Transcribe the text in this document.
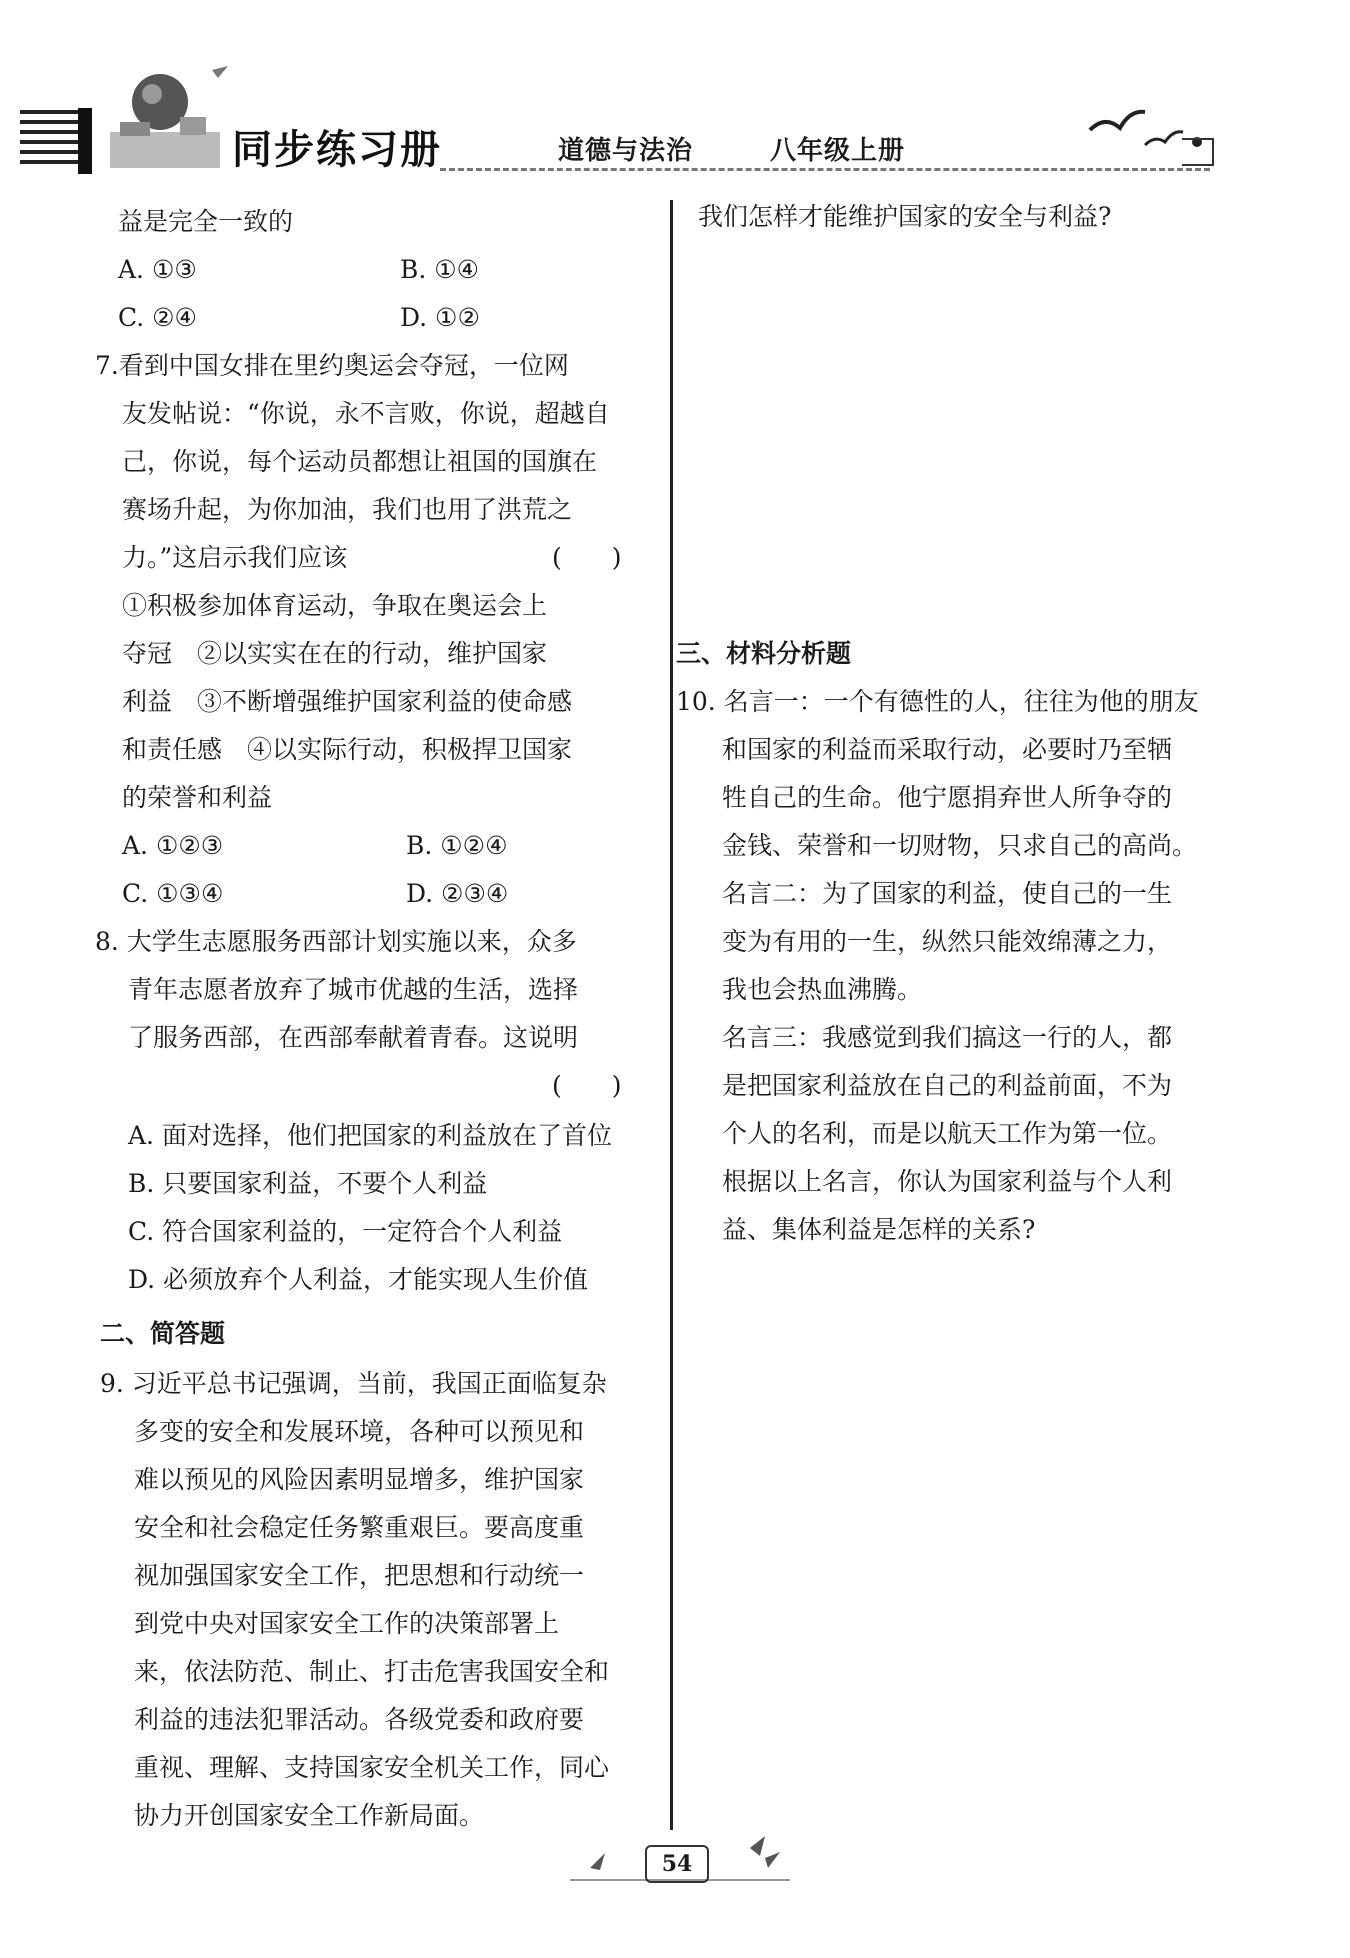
同步练习册	道德与法治	八年级上册
益是完全一致的
A. ①③	B. ①④
C. ②④	D. ①②
7.看到中国女排在里约奥运会夺冠，一位网
友发帖说：“你说，永不言败，你说，超越自
己，你说，每个运动员都想让祖国的国旗在
赛场升起，为你加油，我们也用了洪荒之
力。”这启示我们应该	(　　)
①积极参加体育运动，争取在奥运会上
夺冠　②以实实在在的行动，维护国家
利益　③不断增强维护国家利益的使命感
和责任感　④以实际行动，积极捍卫国家
的荣誉和利益
A. ①②③	B. ①②④
C. ①③④	D. ②③④
8. 大学生志愿服务西部计划实施以来，众多
青年志愿者放弃了城市优越的生活，选择
了服务西部，在西部奉献着青春。这说明
(　　)
A. 面对选择，他们把国家的利益放在了首位
B. 只要国家利益，不要个人利益
C. 符合国家利益的，一定符合个人利益
D. 必须放弃个人利益，才能实现人生价值
二、简答题
9. 习近平总书记强调，当前，我国正面临复杂
多变的安全和发展环境，各种可以预见和
难以预见的风险因素明显增多，维护国家
安全和社会稳定任务繁重艰巨。要高度重
视加强国家安全工作，把思想和行动统一
到党中央对国家安全工作的决策部署上
来，依法防范、制止、打击危害我国安全和
利益的违法犯罪活动。各级党委和政府要
重视、理解、支持国家安全机关工作，同心
协力开创国家安全工作新局面。
我们怎样才能维护国家的安全与利益?
三、材料分析题
10. 名言一：一个有德性的人，往往为他的朋友
和国家的利益而采取行动，必要时乃至牺
牲自己的生命。他宁愿捐弃世人所争夺的
金钱、荣誉和一切财物，只求自己的高尚。
名言二：为了国家的利益，使自己的一生
变为有用的一生，纵然只能效绵薄之力，
我也会热血沸腾。
名言三：我感觉到我们搞这一行的人，都
是把国家利益放在自己的利益前面，不为
个人的名利，而是以航天工作为第一位。
根据以上名言，你认为国家利益与个人利
益、集体利益是怎样的关系?
54
